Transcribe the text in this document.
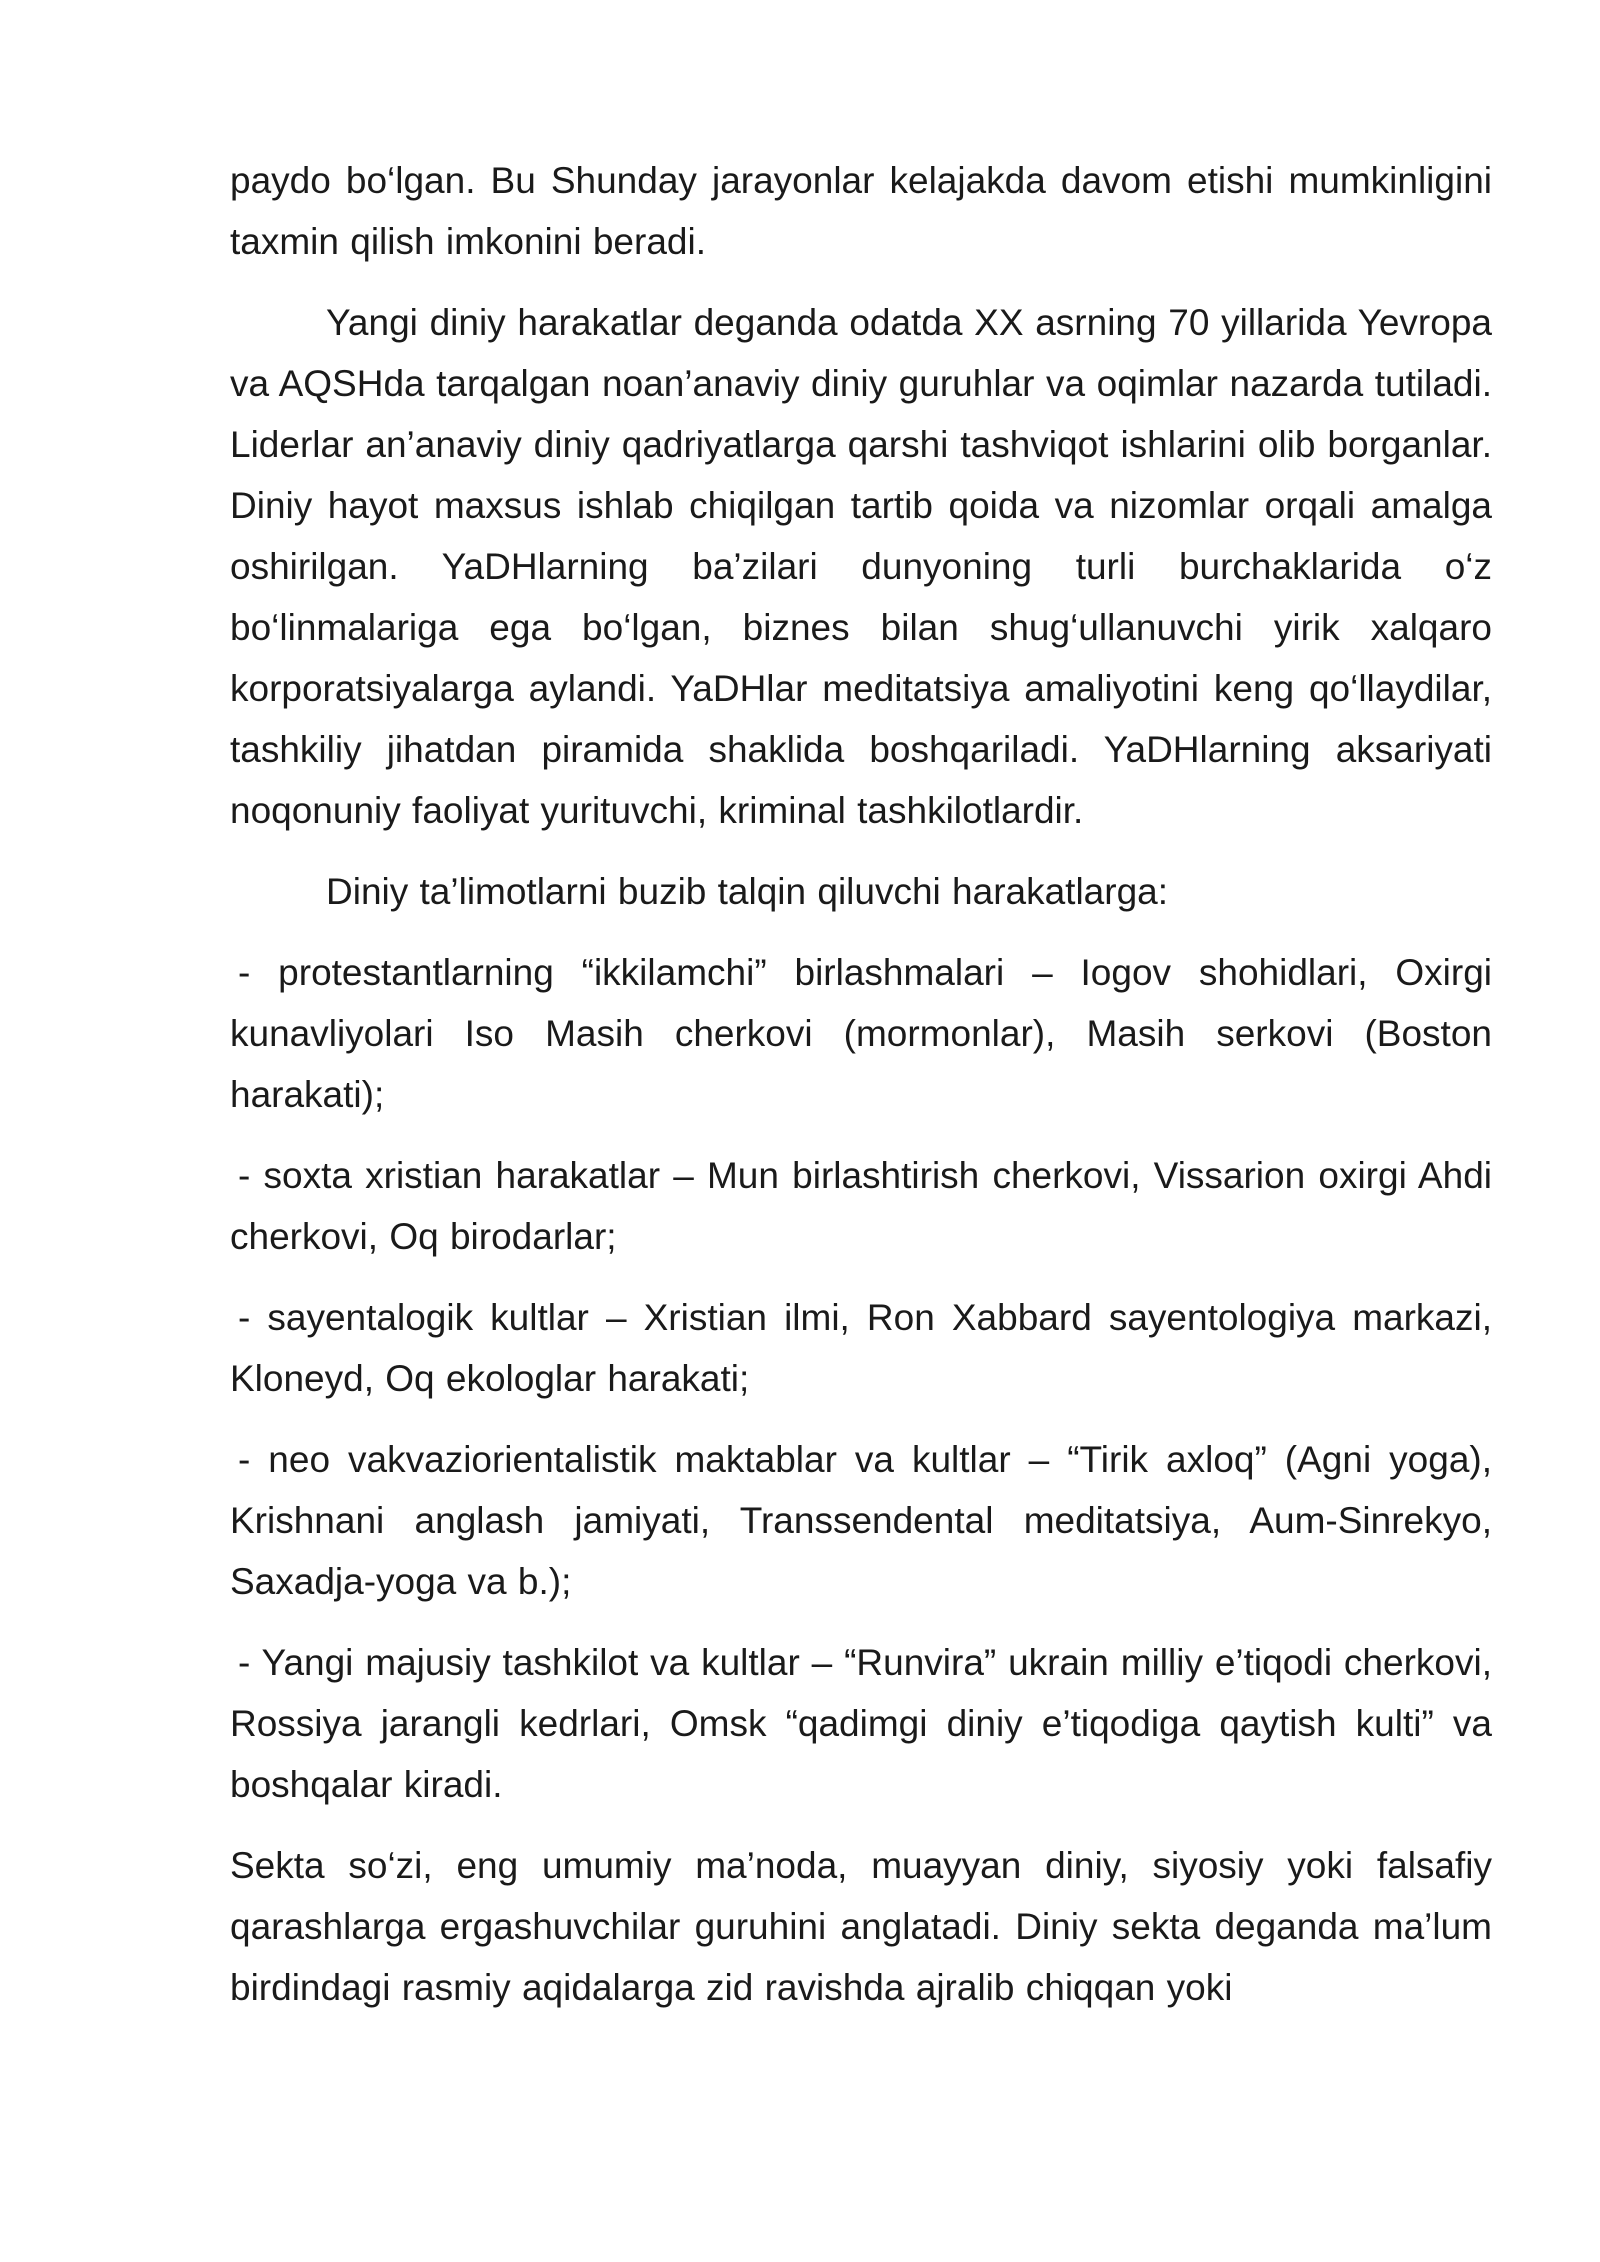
paydo bo‘lgan. Bu Shunday jarayonlar kelajakda davom etishi mumkinligini taxmin qilish imkonini beradi.

Yangi diniy harakatlar deganda odatda XX asrning 70 yillarida Yevropa va AQSHda tarqalgan noan’anaviy diniy guruhlar va oqimlar nazarda tutiladi. Liderlar an’anaviy diniy qadriyatlarga qarshi tashviqot ishlarini olib borganlar. Diniy hayot maxsus ishlab chiqilgan tartib qoida va nizomlar orqali amalga oshirilgan. YaDHlarning ba’zilari dunyoning turli burchaklarida o‘z bo‘linmalariga ega bo‘lgan, biznes bilan shug‘ullanuvchi yirik xalqaro korporatsiyalarga aylandi. YaDHlar meditatsiya amaliyotini keng qo‘llaydilar, tashkiliy jihatdan piramida shaklida boshqariladi. YaDHlarning aksariyati noqonuniy faoliyat yurituvchi, kriminal tashkilotlardir.

Diniy ta’limotlarni buzib talqin qiluvchi harakatlarga:

- protestantlarning “ikkilamchi” birlashmalari – Iogov shohidlari, Oxirgi kunavliyolari Iso Masih cherkovi (mormonlar), Masih serkovi (Boston harakati);

- soxta xristian harakatlar – Mun birlashtirish cherkovi, Vissarion oxirgi Ahdi cherkovi, Oq birodarlar;

- sayentalogik kultlar – Xristian ilmi, Ron Xabbard sayentologiya markazi, Kloneyd, Oq ekologlar harakati;

- neo vakvaziorientalistik maktablar va kultlar – “Tirik axloq” (Agni yoga), Krishnani anglash jamiyati, Transsendental meditatsiya, Aum-Sinrekyo, Saxadja-yoga va b.);

- Yangi majusiy tashkilot va kultlar – “Runvira” ukrain milliy e’tiqodi cherkovi, Rossiya jarangli kedrlari, Omsk “qadimgi diniy e’tiqodiga qaytish kulti” va boshqalar kiradi.

Sekta so‘zi, eng umumiy ma’noda, muayyan diniy, siyosiy yoki falsafiy qarashlarga ergashuvchilar guruhini anglatadi. Diniy sekta deganda ma’lum birdindagi rasmiy aqidalarga zid ravishda ajralib chiqqan yoki
